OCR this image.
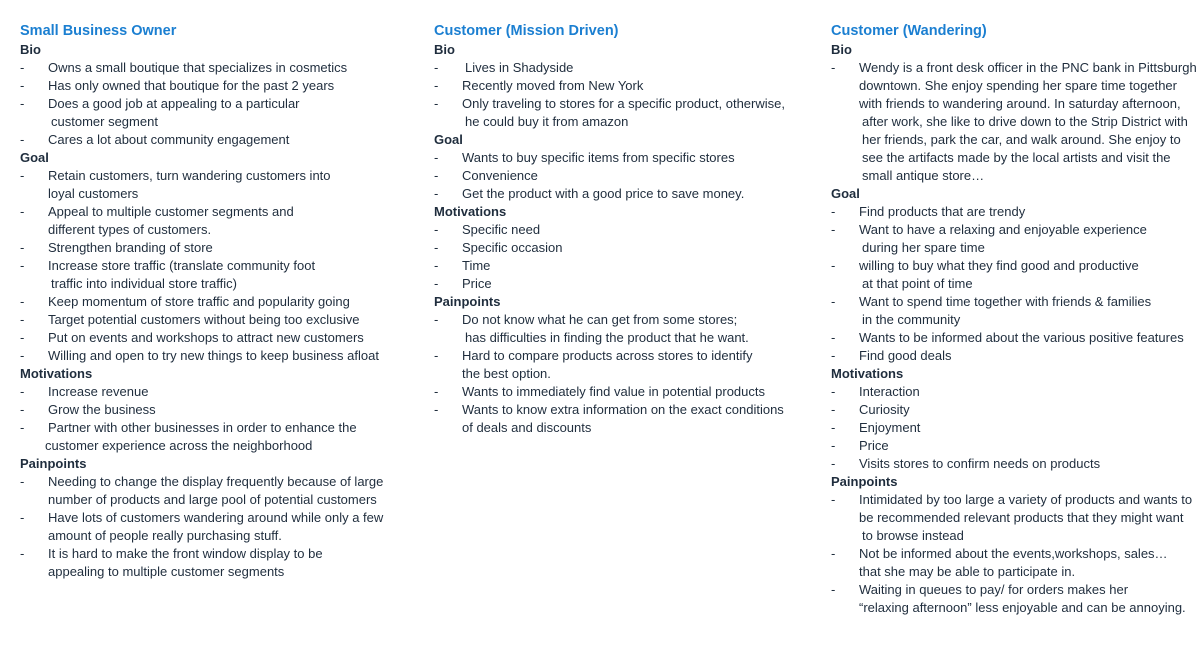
Small Business Owner
Bio
-	Owns a small boutique that specializes in cosmetics
-	Has only owned that boutique for the past 2 years
-	Does a good job at appealing to a particular
customer segment
-	Cares a lot about community engagement
Goal
-	Retain customers, turn wandering customers into
loyal customers
-	Appeal to multiple customer segments and
different types of customers.
-	Strengthen branding of store
-	Increase store traffic (translate community foot
traffic into individual store traffic)
-	Keep momentum of store traffic and popularity going
-	Target potential customers without being too exclusive
-	Put on events and workshops to attract new customers
-	Willing and open to try new things to keep business afloat
Motivations
-	Increase revenue
-	Grow the business
-	Partner with other businesses in order to enhance the
customer experience across the neighborhood
Painpoints
-	Needing to change the display frequently because of large
number of products and large pool of potential customers
-	Have lots of customers wandering around while only a few
amount of people really purchasing stuff.
-	It is hard to make the front window display to be
appealing to multiple customer segments
Customer (Mission Driven)
Bio
-	Lives in Shadyside
-	Recently moved from New York
-	Only traveling to stores for a specific product, otherwise,
he could buy it from amazon
Goal
-	Wants to buy specific items from specific stores
-	Convenience
-	Get the product with a good price to save money.
Motivations
-	Specific need
-	Specific occasion
-	Time
-	Price
Painpoints
-	Do not know what he can get from some stores;
has difficulties in finding the product that he want.
-	Hard to compare products across stores to identify
the best option.
-	Wants to immediately find value in potential products
-	Wants to know extra information on the exact conditions
of deals and discounts
Customer (Wandering)
Bio
-	Wendy is a front desk officer in the PNC bank in Pittsburgh
downtown. She enjoy spending her spare time together
with friends to wandering around. In saturday afternoon,
after work, she like to drive down to the Strip District with
her friends, park the car, and walk around. She enjoy to
see the artifacts made by the local artists and visit the
small antique store…
Goal
-	Find products that are trendy
-	Want to have a relaxing and enjoyable experience
during her spare time
-	willing to buy what they find good and productive
at that point of time
-	Want to spend time together with friends & families
in the community
-	Wants to be informed about the various positive features
-	Find good deals
Motivations
-	Interaction
-	Curiosity
-	Enjoyment
-	Price
-	Visits stores to confirm needs on products
Painpoints
-	Intimidated by too large a variety of products and wants to
be recommended relevant products that they might want
to browse instead
-	Not be informed about the events,workshops, sales…
that she may be able to participate in.
-	Waiting in queues to pay/ for orders makes her
“relaxing afternoon” less enjoyable and can be annoying.
